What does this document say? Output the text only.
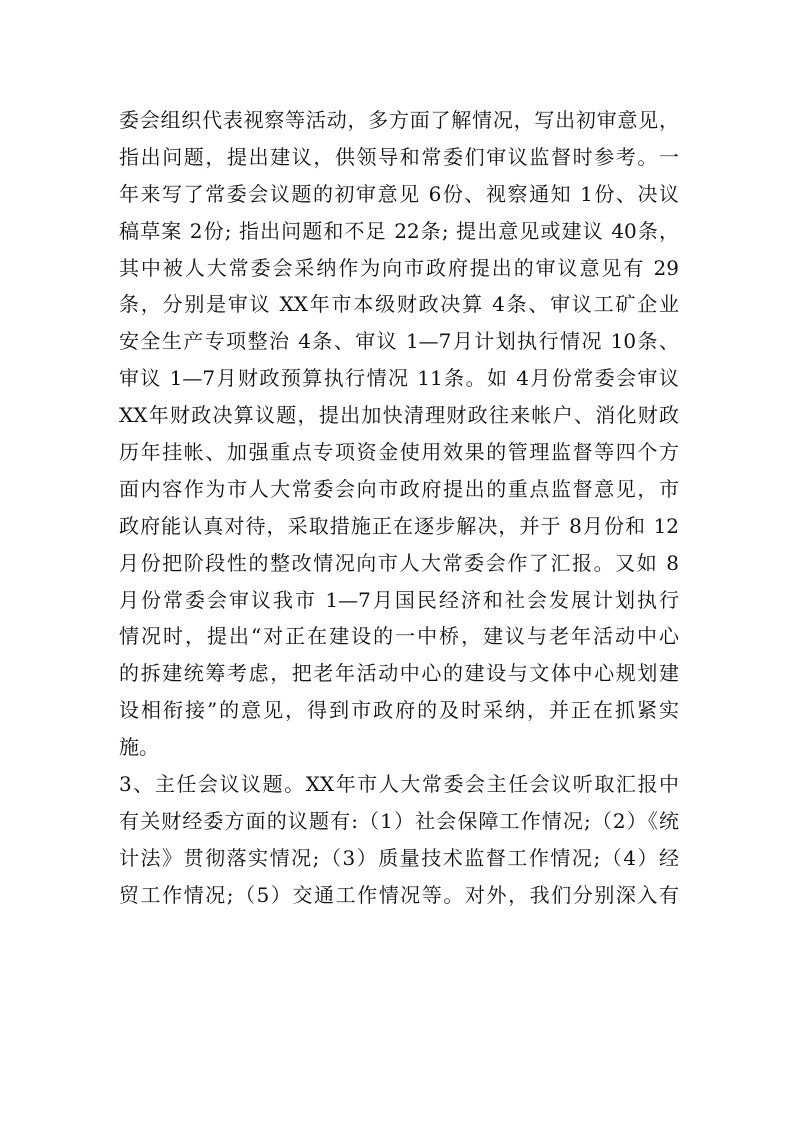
委会组织代表视察等活动，多方面了解情况，写出初审意见，
指出问题，提出建议，供领导和常委们审议监督时参考。一
年来写了常委会议题的初审意见 6份、视察通知 1份、决议
稿草案 2份; 指出问题和不足 22条; 提出意见或建议 40条，
其中被人大常委会采纳作为向市政府提出的审议意见有 29
条，分别是审议 XX年市本级财政决算 4条、审议工矿企业
安全生产专项整治 4条、审议 1—7月计划执行情况 10条、
审议 1—7月财政预算执行情况 11条。如 4月份常委会审议
XX年财政决算议题，提出加快清理财政往来帐户、消化财政
历年挂帐、加强重点专项资金使用效果的管理监督等四个方
面内容作为市人大常委会向市政府提出的重点监督意见，市
政府能认真对待，采取措施正在逐步解决，并于 8月份和 12
月份把阶段性的整改情况向市人大常委会作了汇报。又如 8
月份常委会审议我市 1—7月国民经济和社会发展计划执行
情况时，提出“对正在建设的一中桥，建议与老年活动中心
的拆建统筹考虑，把老年活动中心的建设与文体中心规划建
设相衔接”的意见，得到市政府的及时采纳，并正在抓紧实
施。
3、主任会议议题。XX年市人大常委会主任会议听取汇报中
有关财经委方面的议题有:（1）社会保障工作情况;（2）《统
计法》贯彻落实情况;（3）质量技术监督工作情况;（4）经
贸工作情况;（5）交通工作情况等。对外，我们分别深入有
